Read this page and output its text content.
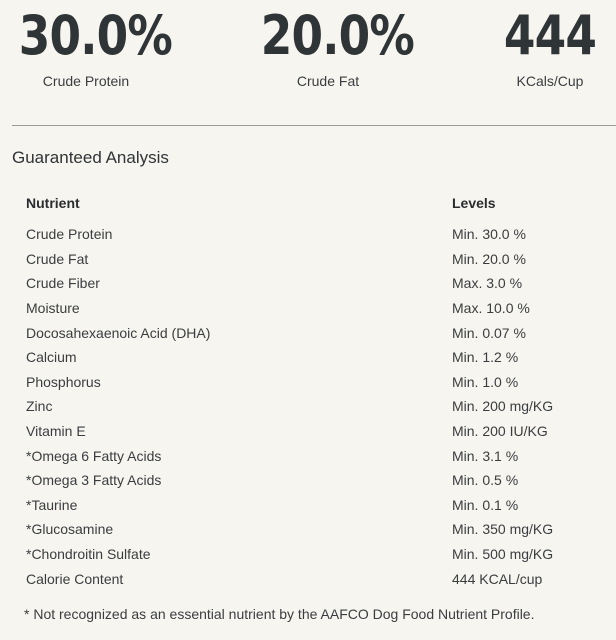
30.0%
Crude Protein
20.0%
Crude Fat
444
KCals/Cup
Guaranteed Analysis
Nutrient	Levels
Crude Protein	Min. 30.0 %
Crude Fat	Min. 20.0 %
Crude Fiber	Max. 3.0 %
Moisture	Max. 10.0 %
Docosahexaenoic Acid (DHA)	Min. 0.07 %
Calcium	Min. 1.2 %
Phosphorus	Min. 1.0 %
Zinc	Min. 200 mg/KG
Vitamin E	Min. 200 IU/KG
*Omega 6 Fatty Acids	Min. 3.1 %
*Omega 3 Fatty Acids	Min. 0.5 %
*Taurine	Min. 0.1 %
*Glucosamine	Min. 350 mg/KG
*Chondroitin Sulfate	Min. 500 mg/KG
Calorie Content	444 KCAL/cup
* Not recognized as an essential nutrient by the AAFCO Dog Food Nutrient Profile.
